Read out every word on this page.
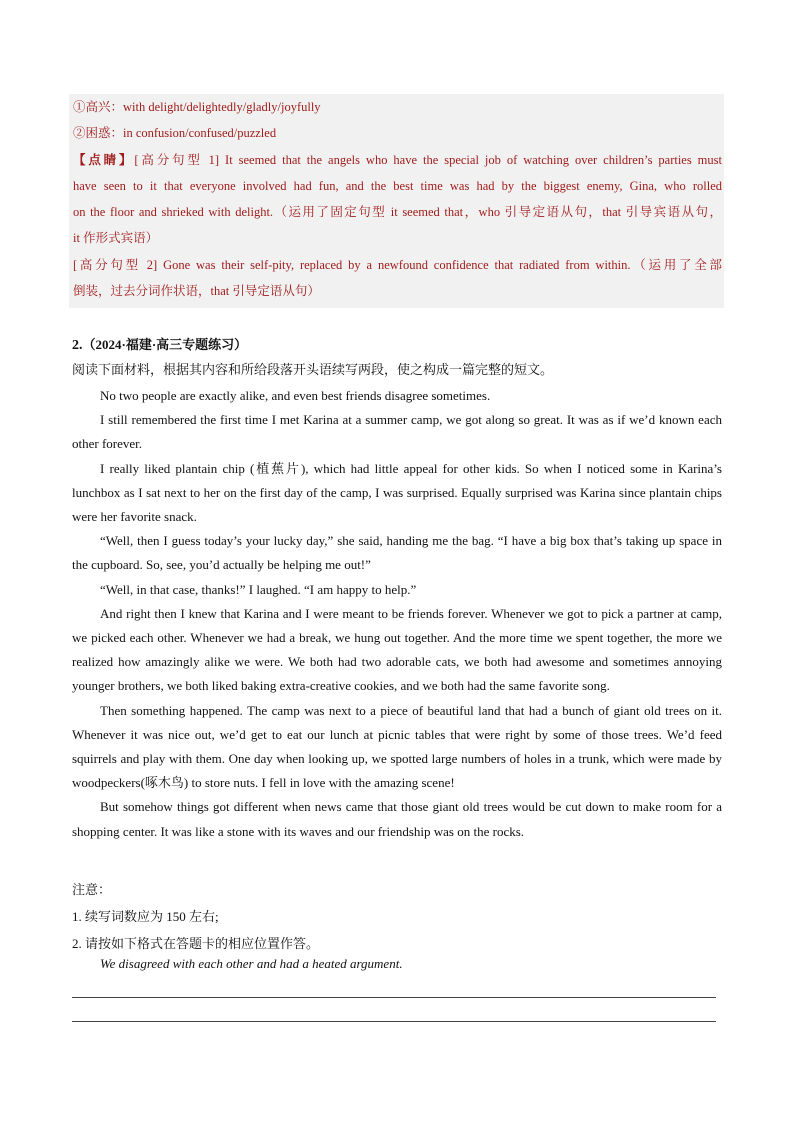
①高兴：with delight/delightedly/gladly/joyfully
②困惑：in confusion/confused/puzzled
【点睛】[高分句型 1] It seemed that the angels who have the special job of watching over children’s parties must
have seen to it that everyone involved had fun, and the best time was had by the biggest enemy, Gina, who rolled
on the floor and shrieked with delight.（运用了固定句型 it seemed that，who 引导定语从句，that 引导宾语从句，
it 作形式宾语）
[高分句型 2] Gone was their self-pity, replaced by a newfound confidence that radiated from within.（运用了全部
倒装，过去分词作状语，that 引导定语从句）
2.（2024·福建·高三专题练习）
阅读下面材料，根据其内容和所给段落开头语续写两段，使之构成一篇完整的短文。

No two people are exactly alike, and even best friends disagree sometimes.

I still remembered the first time I met Karina at a summer camp, we got along so great. It was as if we’d known each other forever.

I really liked plantain chip (植蕉片), which had little appeal for other kids. So when I noticed some in Karina’s lunchbox as I sat next to her on the first day of the camp, I was surprised. Equally surprised was Karina since plantain chips were her favorite snack.

“Well, then I guess today’s your lucky day,” she said, handing me the bag. “I have a big box that’s taking up space in the cupboard. So, see, you’d actually be helping me out!”

“Well, in that case, thanks!” I laughed. “I am happy to help.”

And right then I knew that Karina and I were meant to be friends forever. Whenever we got to pick a partner at camp, we picked each other. Whenever we had a break, we hung out together. And the more time we spent together, the more we realized how amazingly alike we were. We both had two adorable cats, we both had awesome and sometimes annoying younger brothers, we both liked baking extra-creative cookies, and we both had the same favorite song.

Then something happened. The camp was next to a piece of beautiful land that had a bunch of giant old trees on it. Whenever it was nice out, we’d get to eat our lunch at picnic tables that were right by some of those trees. We’d feed squirrels and play with them. One day when looking up, we spotted large numbers of holes in a trunk, which were made by woodpeckers(啄木鸟) to store nuts. I fell in love with the amazing scene!

But somehow things got different when news came that those giant old trees would be cut down to make room for a shopping center. It was like a stone with its waves and our friendship was on the rocks.

注意：
1. 续写词数应为 150 左右;
2. 请按如下格式在答题卡的相应位置作答。
We disagreed with each other and had a heated argument.
